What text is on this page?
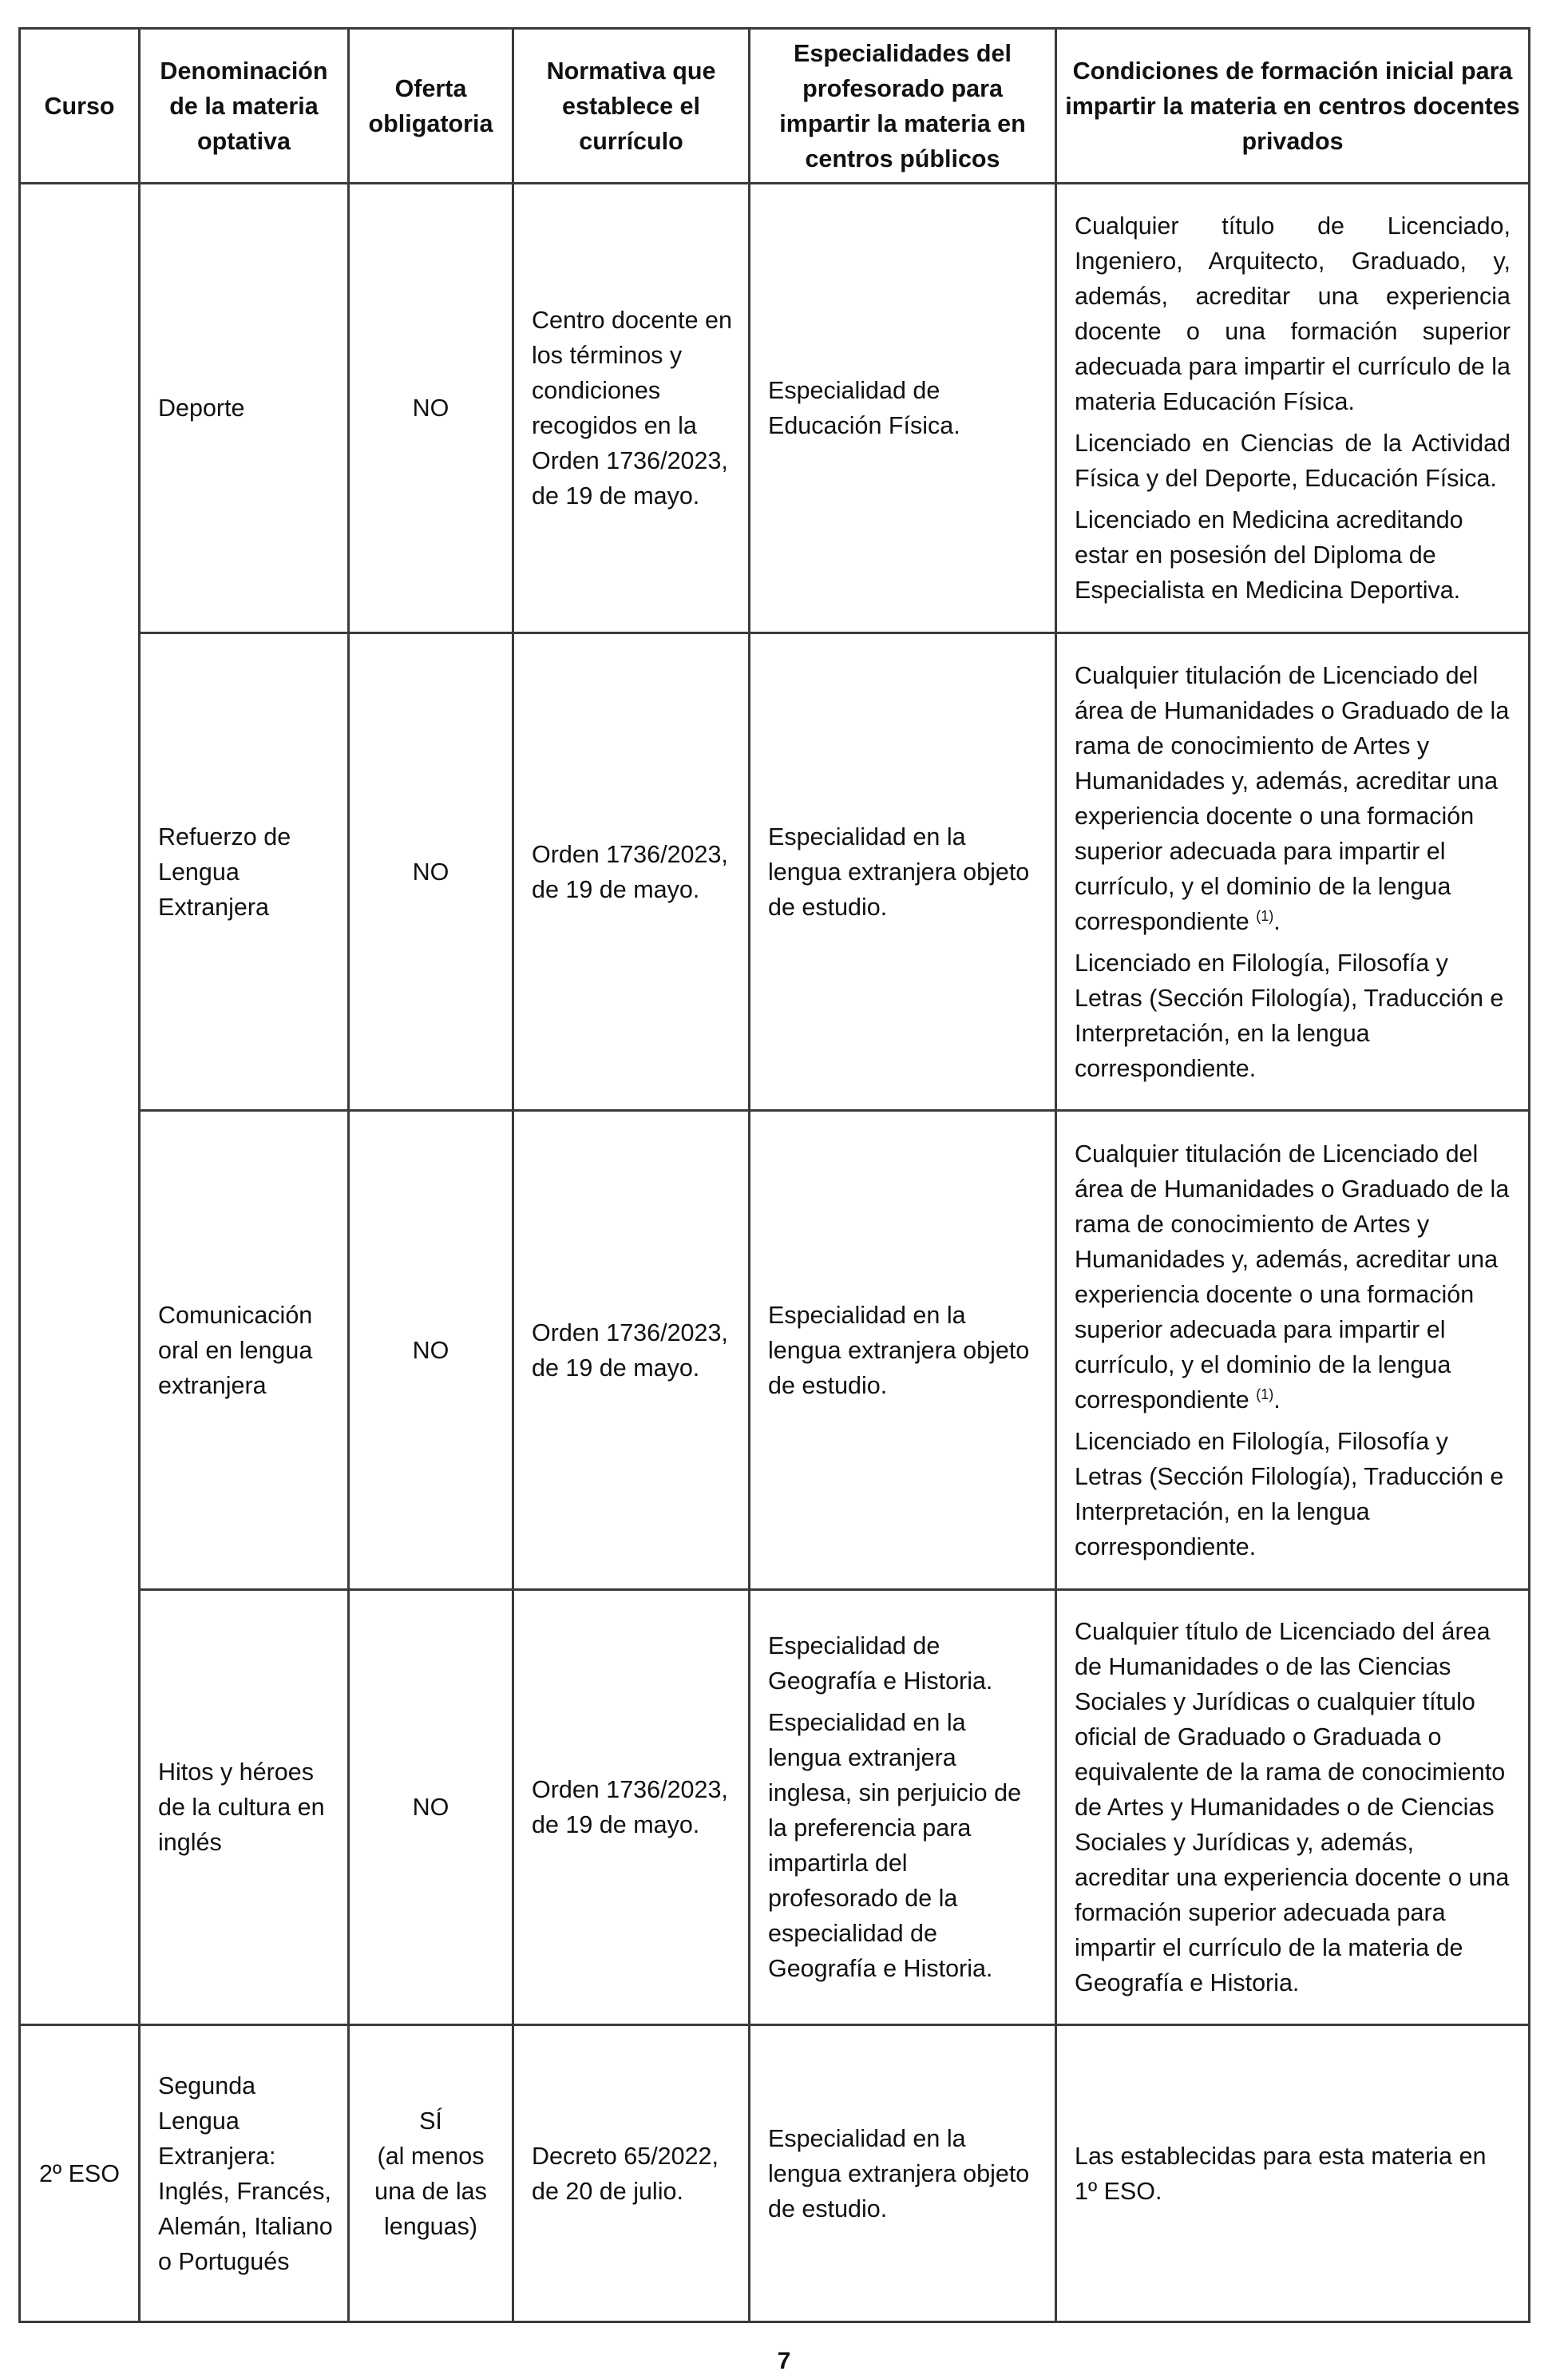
Curso	Denominación de la materia optativa	Oferta obligatoria	Normativa que establece el currículo	Especialidades del profesorado para impartir la materia en centros públicos	Condiciones de formación inicial para impartir la materia en centros docentes privados
	Deporte	NO	Centro docente en los términos y condiciones recogidos en la Orden 1736/2023, de 19 de mayo.	Especialidad de Educación Física.	Cualquier título de Licenciado, Ingeniero, Arquitecto, Graduado, y, además, acreditar una experiencia docente o una formación superior adecuada para impartir el currículo de la materia Educación Física.
Licenciado en Ciencias de la Actividad Física y del Deporte, Educación Física.
Licenciado en Medicina acreditando estar en posesión del Diploma de Especialista en Medicina Deportiva.

	Refuerzo de Lengua Extranjera	NO	Orden 1736/2023, de 19 de mayo.	Especialidad en la lengua extranjera objeto de estudio.	Cualquier titulación de Licenciado del área de Humanidades o Graduado de la rama de conocimiento de Artes y Humanidades y, además, acreditar una experiencia docente o una formación superior adecuada para impartir el currículo, y el dominio de la lengua correspondiente $^{(1)}$.
Licenciado en Filología, Filosofía y Letras (Sección Filología), Traducción e Interpretación, en la lengua correspondiente.

	Comunicación oral en lengua extranjera	NO	Orden 1736/2023, de 19 de mayo.	Especialidad en la lengua extranjera objeto de estudio.	Cualquier titulación de Licenciado del área de Humanidades o Graduado de la rama de conocimiento de Artes y Humanidades y, además, acreditar una experiencia docente o una formación superior adecuada para impartir el currículo, y el dominio de la lengua correspondiente $^{(1)}$.
Licenciado en Filología, Filosofía y Letras (Sección Filología), Traducción e Interpretación, en la lengua correspondiente.

	Hitos y héroes de la cultura en inglés	NO	Orden 1736/2023, de 19 de mayo.	Especialidad de Geografía e Historia.
Especialidad en la lengua extranjera inglesa, sin perjuicio de la preferencia para impartirla del profesorado de la especialidad de Geografía e Historia.	Cualquier título de Licenciado del área de Humanidades o de las Ciencias Sociales y Jurídicas o cualquier título oficial de Graduado o Graduada o equivalente de la rama de conocimiento de Artes y Humanidades o de Ciencias Sociales y Jurídicas y, además, acreditar una experiencia docente o una formación superior adecuada para impartir el currículo de la materia de Geografía e Historia.

2º ESO	Segunda Lengua Extranjera: Inglés, Francés, Alemán, Italiano o Portugués	SÍ
(al menos una de las lenguas)	Decreto 65/2022, de 20 de julio.	Especialidad en la lengua extranjera objeto de estudio.	Las establecidas para esta materia en 1º ESO.
7
